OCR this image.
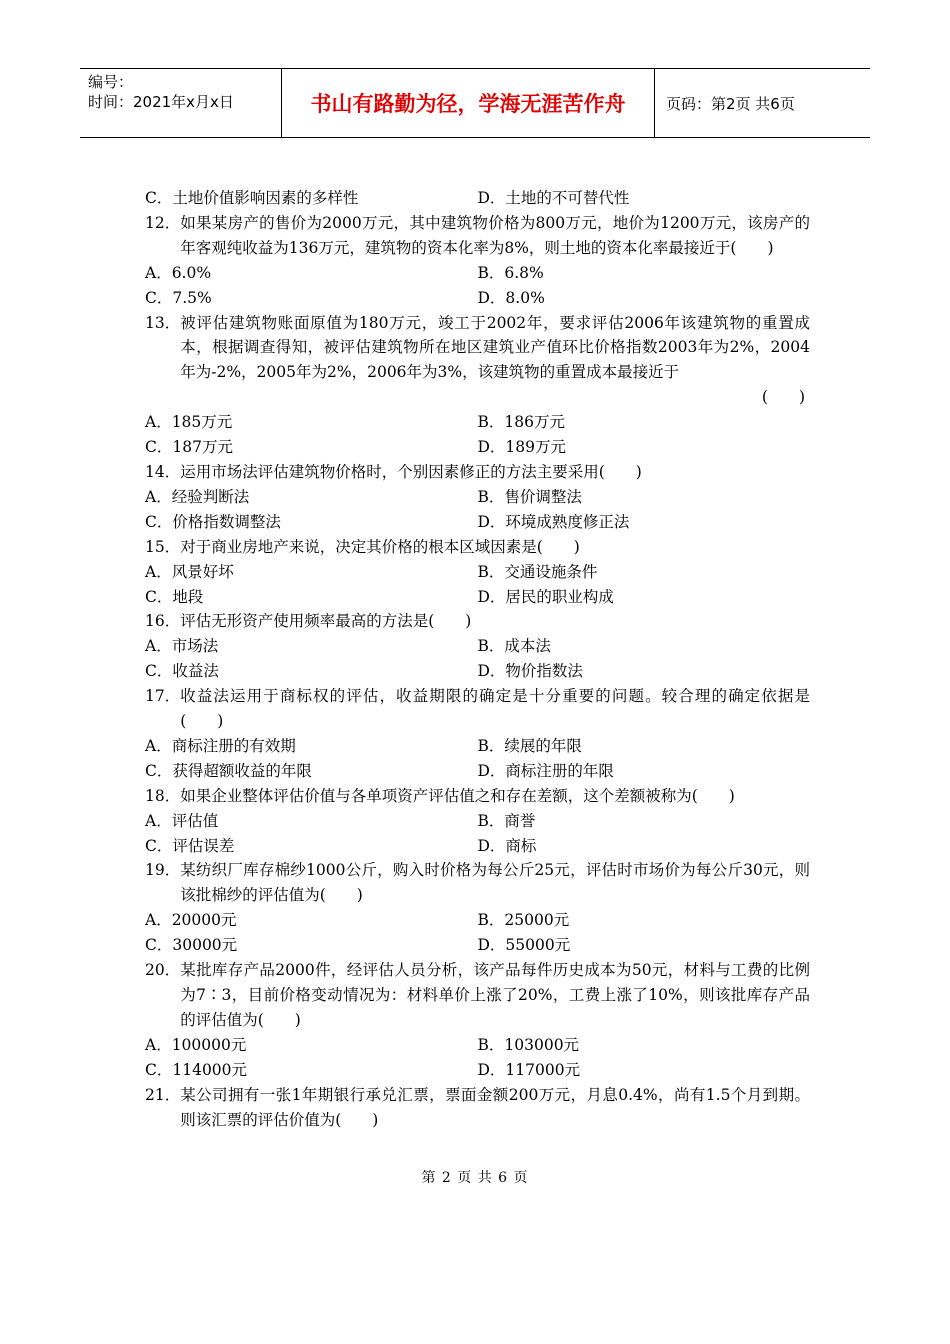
编号：
时间：2021年x月x日	书山有路勤为径，学海无涯苦作舟	页码：第2页 共6页
C．土地价值影响因素的多样性	D．土地的不可替代性
12． 如果某房产的售价为2000万元，其中建筑物价格为800万元，地价为1200万元，该房产的年客观纯收益为136万元，建筑物的资本化率为8%，则土地的资本化率最接近于(　　)
A．6.0%	B．6.8%
C．7.5%	D．8.0%
13． 被评估建筑物账面原值为180万元，竣工于2002年，要求评估2006年该建筑物的重置成本，根据调查得知，被评估建筑物所在地区建筑业产值环比价格指数2003年为2%，2004年为-2%，2005年为2%，2006年为3%，该建筑物的重置成本最接近于
(　　)
A．185万元	B．186万元
C．187万元	D．189万元
14． 运用市场法评估建筑物价格时，个别因素修正的方法主要采用(　　)
A．经验判断法	B．售价调整法
C．价格指数调整法	D．环境成熟度修正法
15． 对于商业房地产来说，决定其价格的根本区域因素是(　　)
A．风景好坏	B．交通设施条件
C．地段	D．居民的职业构成
16． 评估无形资产使用频率最高的方法是(　　)
A．市场法	B．成本法
C．收益法	D．物价指数法
17． 收益法运用于商标权的评估，收益期限的确定是十分重要的问题。较合理的确定依据是(　　)
A．商标注册的有效期	B．续展的年限
C．获得超额收益的年限	D．商标注册的年限
18． 如果企业整体评估价值与各单项资产评估值之和存在差额，这个差额被称为(　　)
A．评估值	B．商誉
C．评估误差	D．商标
19． 某纺织厂库存棉纱1000公斤，购入时价格为每公斤25元，评估时市场价为每公斤30元，则该批棉纱的评估值为(　　)
A．20000元	B．25000元
C．30000元	D．55000元
20． 某批库存产品2000件，经评估人员分析，该产品每件历史成本为50元，材料与工费的比例为7∶3，目前价格变动情况为：材料单价上涨了20%，工费上涨了10%，则该批库存产品的评估值为(　　)
A．100000元	B．103000元
C．114000元	D．117000元
21． 某公司拥有一张1年期银行承兑汇票，票面金额200万元，月息0.4%，尚有1.5个月到期。则该汇票的评估价值为(　　)
第 2 页 共 6 页
